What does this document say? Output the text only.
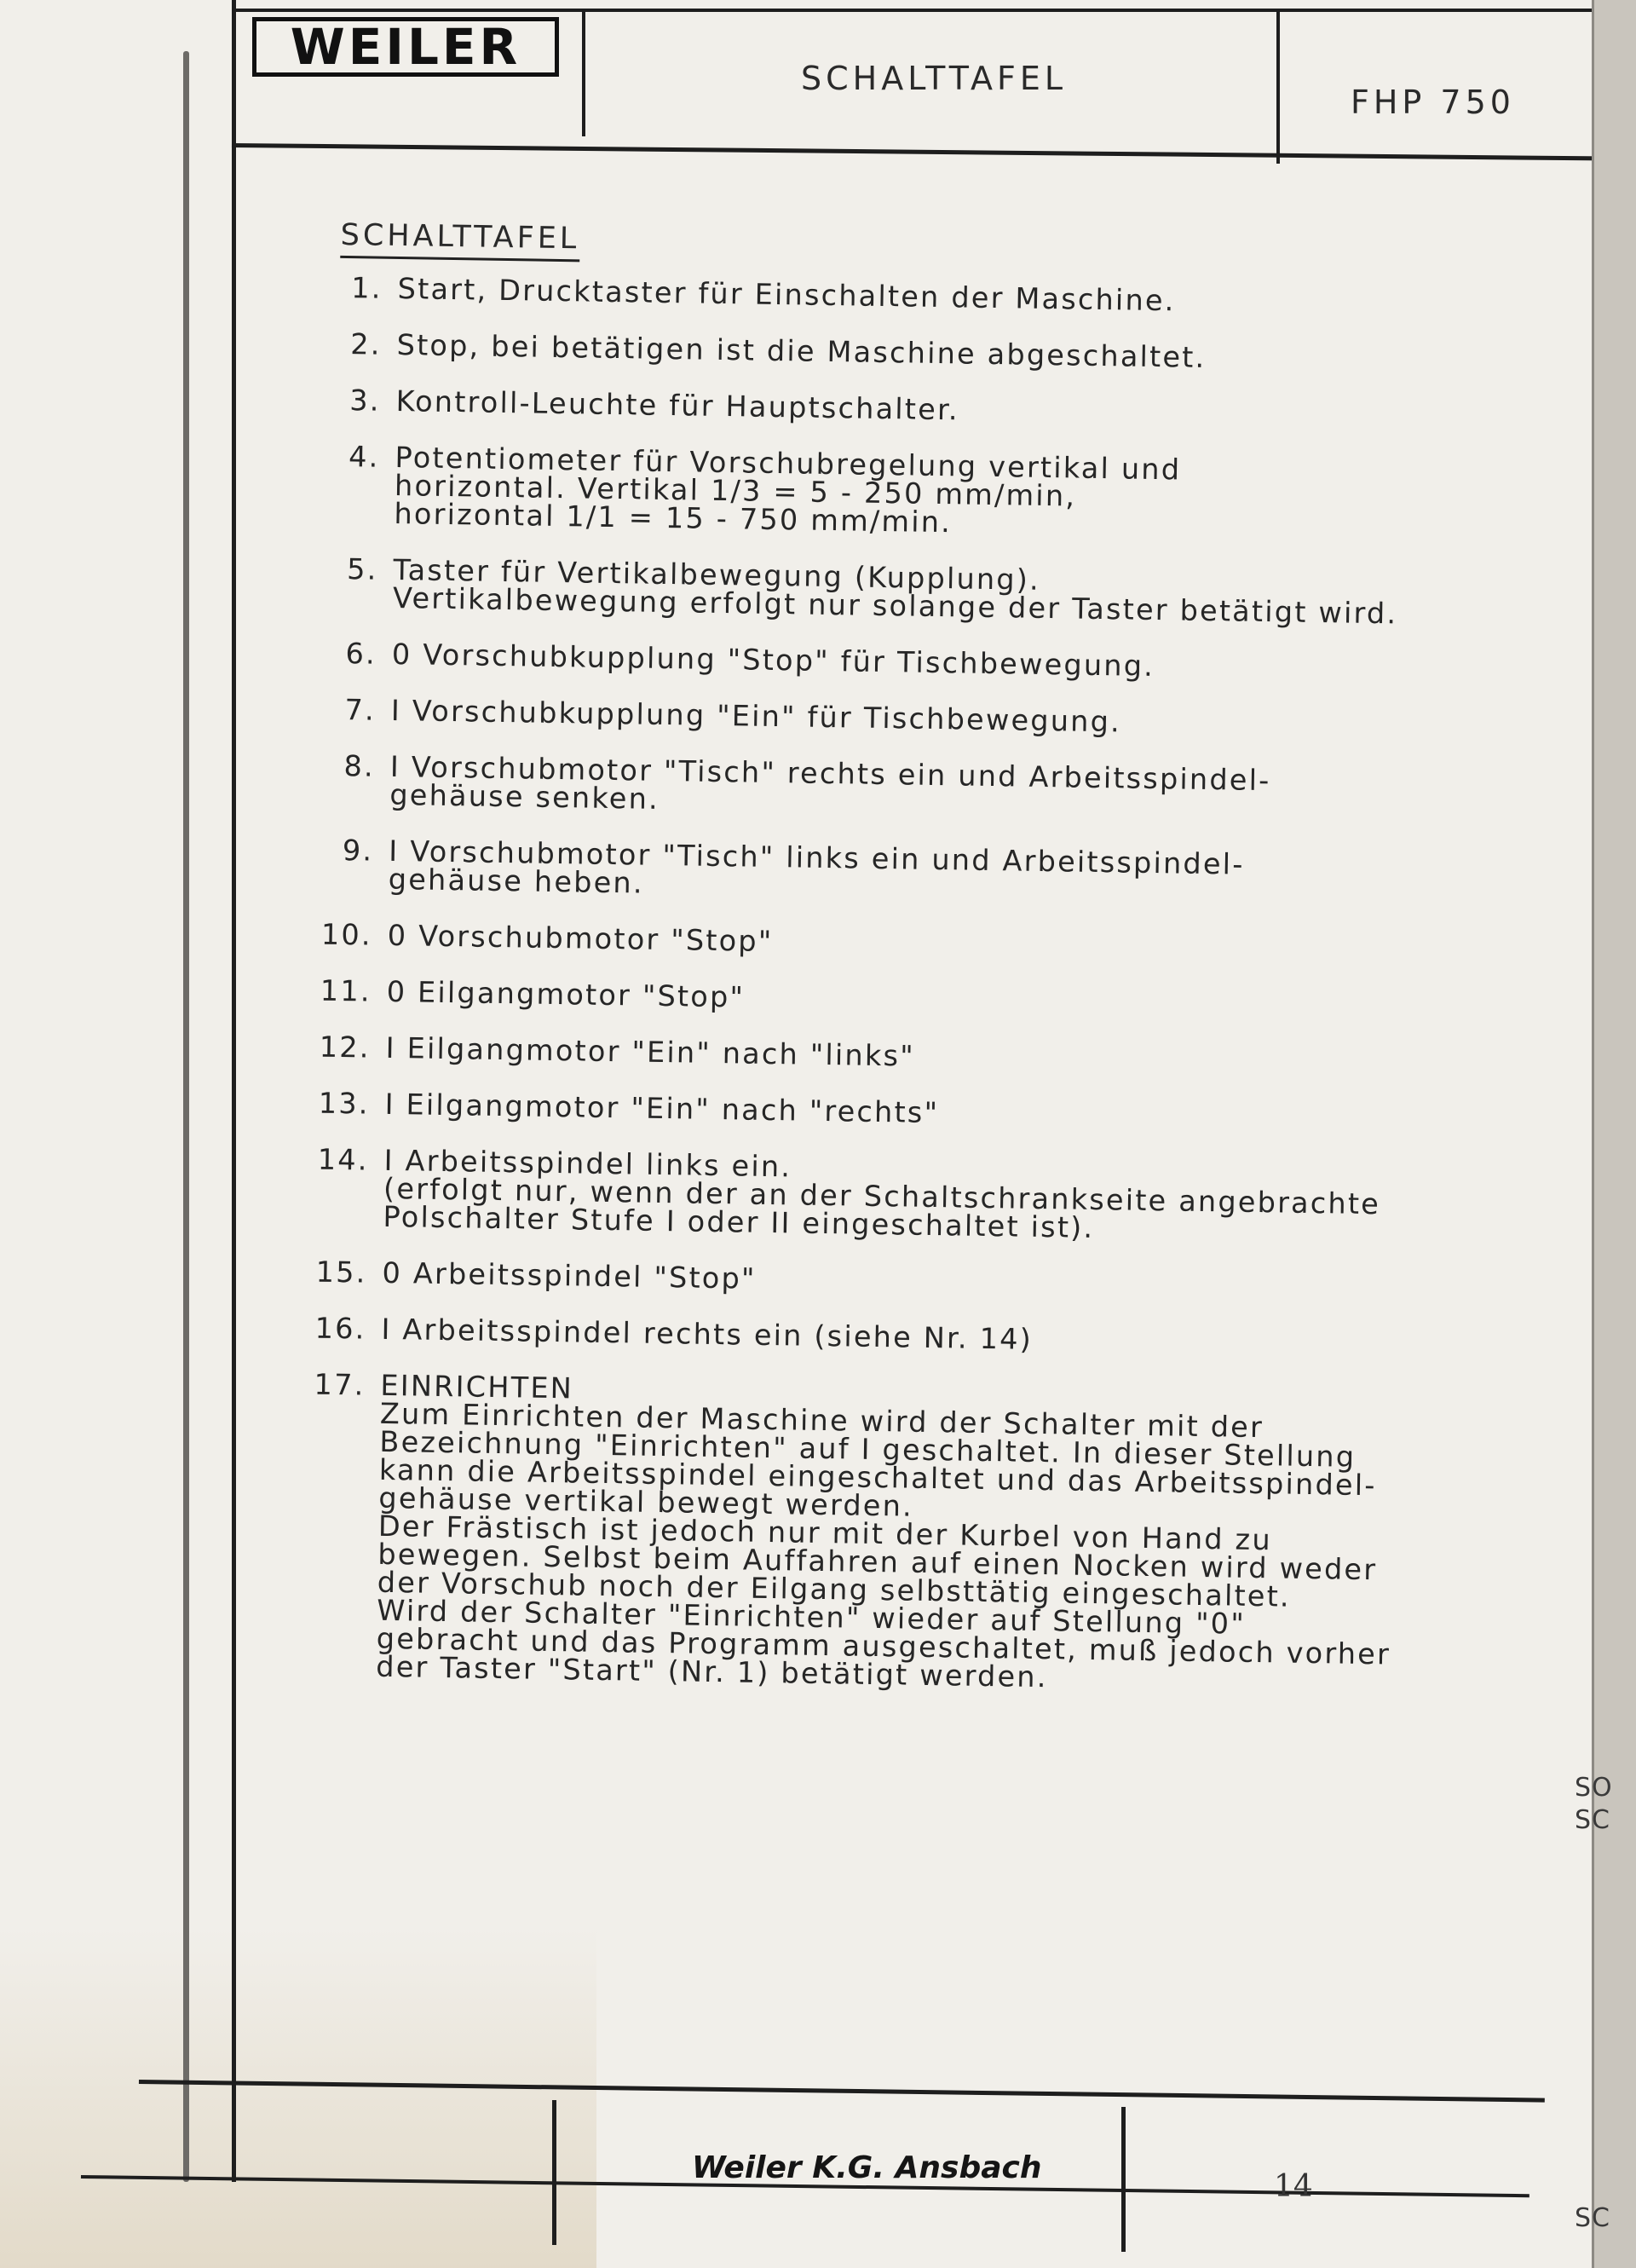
WEILER
SCHALTTAFEL
FHP 750
SCHALTTAFEL
1. Start, Drucktaster für Einschalten der Maschine.
2. Stop, bei betätigen ist die Maschine abgeschaltet.
3. Kontroll-Leuchte für Hauptschalter.
4. Potentiometer für Vorschubregelung vertikal und
horizontal. Vertikal 1/3 = 5 - 250 mm/min,
horizontal 1/1 = 15 - 750 mm/min.
5. Taster für Vertikalbewegung (Kupplung).
Vertikalbewegung erfolgt nur solange der Taster betätigt wird.
6. 0 Vorschubkupplung "Stop" für Tischbewegung.
7. I Vorschubkupplung "Ein" für Tischbewegung.
8. I Vorschubmotor "Tisch" rechts ein und Arbeitsspindel-
gehäuse senken.
9. I Vorschubmotor "Tisch" links ein und Arbeitsspindel-
gehäuse heben.
10. 0 Vorschubmotor "Stop"
11. 0 Eilgangmotor "Stop"
12. I Eilgangmotor "Ein" nach "links"
13. I Eilgangmotor "Ein" nach "rechts"
14. I Arbeitsspindel links ein.
(erfolgt nur, wenn der an der Schaltschrankseite angebrachte
Polschalter Stufe I oder II eingeschaltet ist).
15. 0 Arbeitsspindel "Stop"
16. I Arbeitsspindel rechts ein (siehe Nr. 14)
17. EINRICHTEN
Zum Einrichten der Maschine wird der Schalter mit der
Bezeichnung "Einrichten" auf I geschaltet. In dieser Stellung
kann die Arbeitsspindel eingeschaltet und das Arbeitsspindel-
gehäuse vertikal bewegt werden.
Der Frästisch ist jedoch nur mit der Kurbel von Hand zu
bewegen. Selbst beim Auffahren auf einen Nocken wird weder
der Vorschub noch der Eilgang selbsttätig eingeschaltet.
Wird der Schalter "Einrichten" wieder auf Stellung "0"
gebracht und das Programm ausgeschaltet, muß jedoch vorher
der Taster "Start" (Nr. 1) betätigt werden.
Weiler K.G. Ansbach
14
SO
SC
SC
